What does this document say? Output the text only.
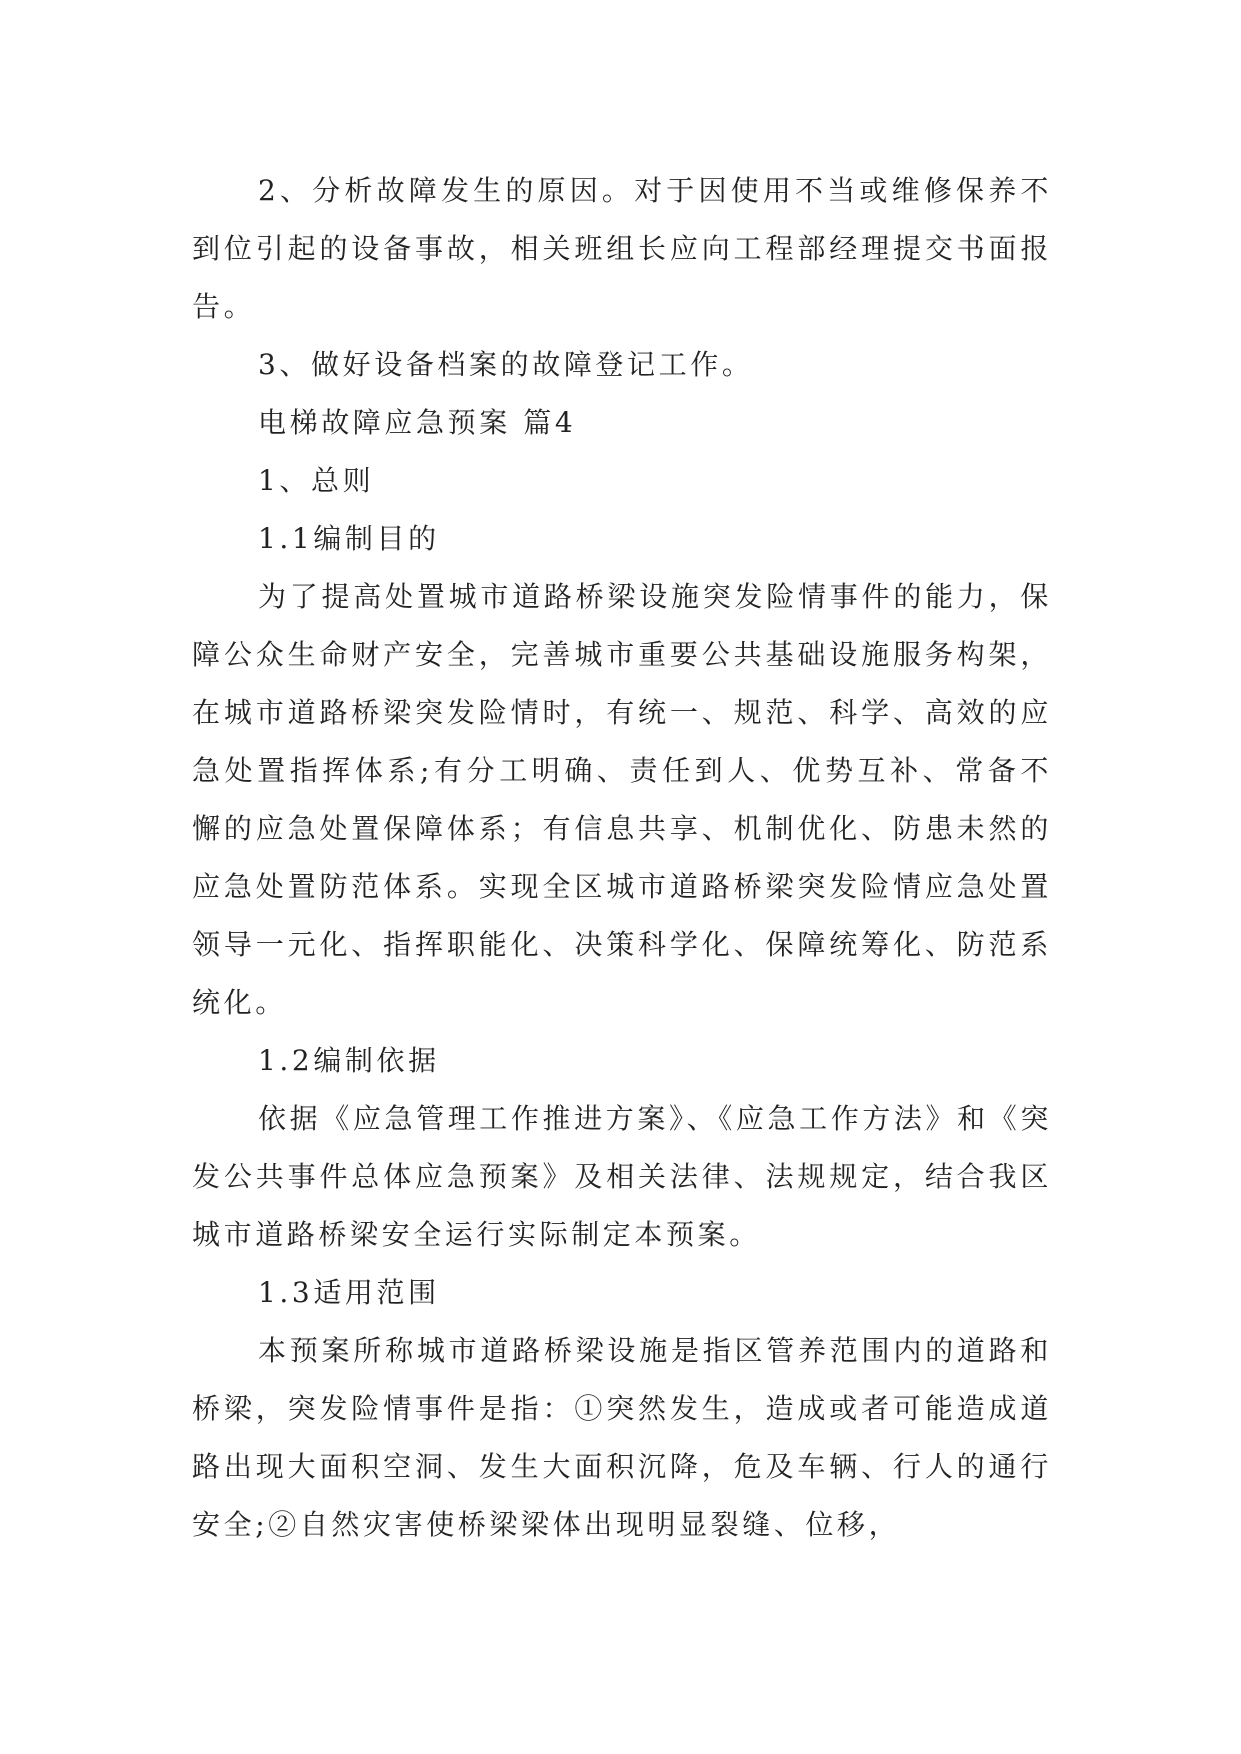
2、分析故障发生的原因。对于因使用不当或维修保养不到位引起的设备事故，相关班组长应向工程部经理提交书面报告。

3、做好设备档案的故障登记工作。

电梯故障应急预案 篇4

1、总则

1.1编制目的

为了提高处置城市道路桥梁设施突发险情事件的能力，保障公众生命财产安全，完善城市重要公共基础设施服务构架，在城市道路桥梁突发险情时，有统一、规范、科学、高效的应急处置指挥体系;有分工明确、责任到人、优势互补、常备不懈的应急处置保障体系；有信息共享、机制优化、防患未然的应急处置防范体系。实现全区城市道路桥梁突发险情应急处置领导一元化、指挥职能化、决策科学化、保障统筹化、防范系统化。

1.2编制依据

依据《应急管理工作推进方案》、《应急工作方法》和《突发公共事件总体应急预案》及相关法律、法规规定，结合我区城市道路桥梁安全运行实际制定本预案。

1.3适用范围

本预案所称城市道路桥梁设施是指区管养范围内的道路和桥梁，突发险情事件是指：①突然发生，造成或者可能造成道路出现大面积空洞、发生大面积沉降，危及车辆、行人的通行安全;②自然灾害使桥梁梁体出现明显裂缝、位移，
